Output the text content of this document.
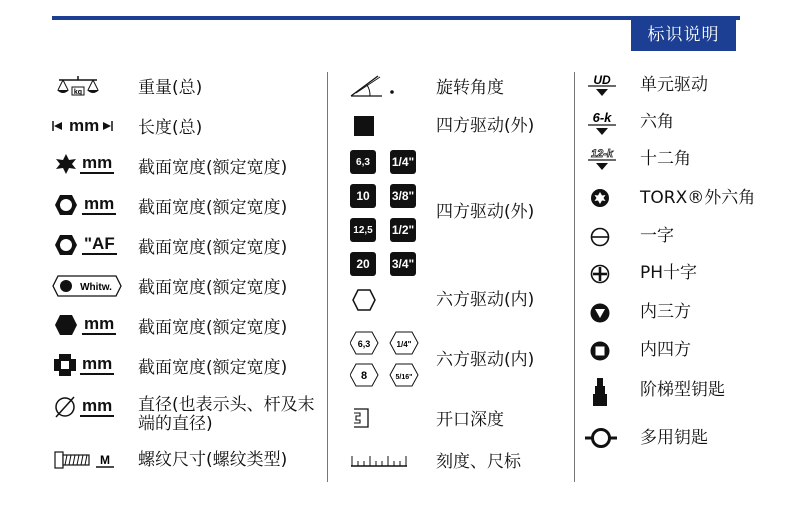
标识说明
kg	重量(总)
mm 长度(总)
mm 截面宽度(额定宽度)
mm 截面宽度(额定宽度)
"AF 截面宽度(额定宽度)
Whitw. 截面宽度(额定宽度)
mm 截面宽度(额定宽度)
mm 截面宽度(额定宽度)
mm 直径(也表示头、杆及末端的直径)
M 螺纹尺寸(螺纹类型)
旋转角度
四方驱动(外)
6,3	1/4"
10	3/8"
12,5 1/2"
20	3/4"
四方驱动(外)
六方驱动(内)
6,3	1/4"
8	5/16"
六方驱动(内)
开口深度
刻度、尺标
UD 单元驱动
6-k 六角
12-k 十二角
TORX®外六角
一字
PH十字
内三方
内四方
阶梯型钥匙
多用钥匙
